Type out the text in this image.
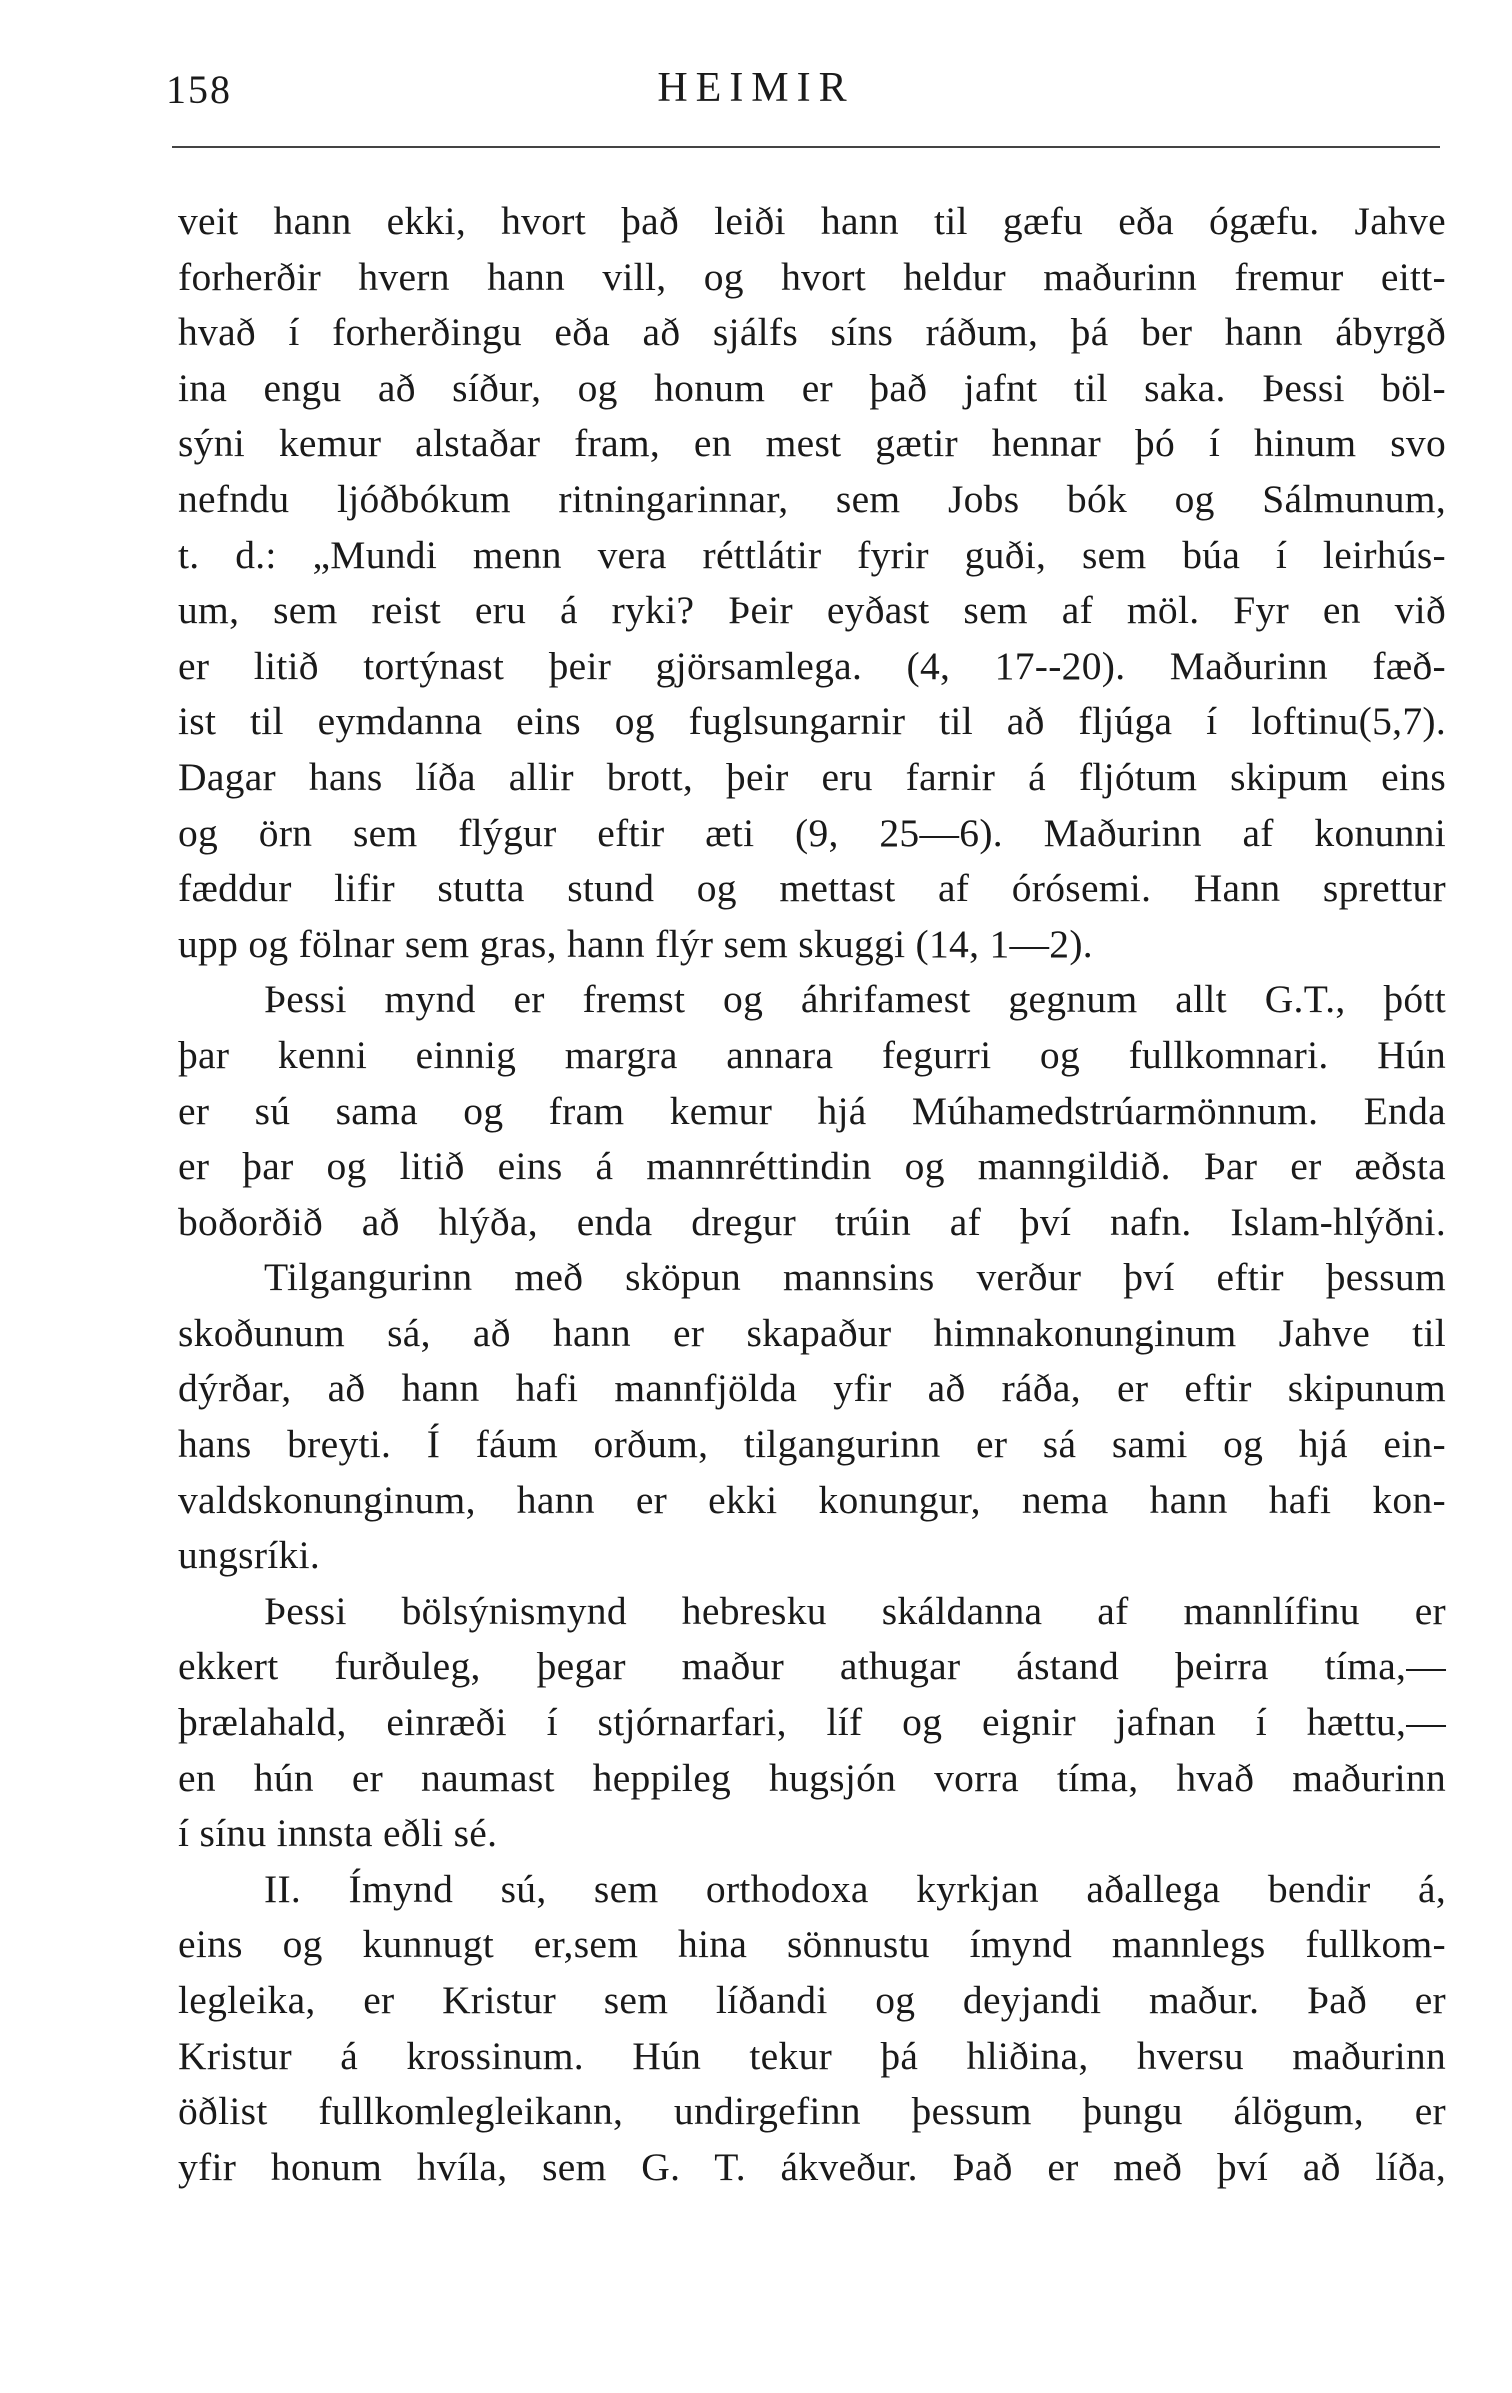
158	HEIMIR
veit hann ekki, hvort það leiði hann til gæfu eða ógæfu. Jahve
forherðir hvern hann vill, og hvort heldur maðurinn fremur eitt-
hvað í forherðingu eða að sjálfs síns ráðum, þá ber hann ábyrgð
ina engu að síður, og honum er það jafnt til saka. Þessi böl-
sýni kemur alstaðar fram, en mest gætir hennar þó í hinum svo
nefndu ljóðbókum ritningarinnar, sem Jobs bók og Sálmunum,
t. d.: „Mundi menn vera réttlátir fyrir guði, sem búa í leirhús-
um, sem reist eru á ryki? Þeir eyðast sem af möl. Fyr en við
er litið tortýnast þeir gjörsamlega. (4, 17--20). Maðurinn fæð-
ist til eymdanna eins og fuglsungarnir til að fljúga í loftinu(5,7).
Dagar hans líða allir brott, þeir eru farnir á fljótum skipum eins
og örn sem flýgur eftir æti (9, 25—6). Maðurinn af konunni
fæddur lifir stutta stund og mettast af órósemi. Hann sprettur
upp og fölnar sem gras, hann flýr sem skuggi (14, 1—2).
Þessi mynd er fremst og áhrifamest gegnum allt G.T., þótt
þar kenni einnig margra annara fegurri og fullkomnari. Hún
er sú sama og fram kemur hjá Múhamedstrúarmönnum. Enda
er þar og litið eins á mannréttindin og manngildið. Þar er æðsta
boðorðið að hlýða, enda dregur trúin af því nafn. Islam-hlýðni.
Tilgangurinn með sköpun mannsins verður því eftir þessum
skoðunum sá, að hann er skapaður himnakonunginum Jahve til
dýrðar, að hann hafi mannfjölda yfir að ráða, er eftir skipunum
hans breyti. Í fáum orðum, tilgangurinn er sá sami og hjá ein-
valdskonunginum, hann er ekki konungur, nema hann hafi kon-
ungsríki.
Þessi bölsýnismynd hebresku skáldanna af mannlífinu er
ekkert furðuleg, þegar maður athugar ástand þeirra tíma,—
þrælahald, einræði í stjórnarfari, líf og eignir jafnan í hættu,—
en hún er naumast heppileg hugsjón vorra tíma, hvað maðurinn
í sínu innsta eðli sé.
II. Ímynd sú, sem orthodoxa kyrkjan aðallega bendir á,
eins og kunnugt er,sem hina sönnustu ímynd mannlegs fullkom-
legleika, er Kristur sem líðandi og deyjandi maður. Það er
Kristur á krossinum. Hún tekur þá hliðina, hversu maðurinn
öðlist fullkomlegleikann, undirgefinn þessum þungu álögum, er
yfir honum hvíla, sem G. T. ákveður. Það er með því að líða,
